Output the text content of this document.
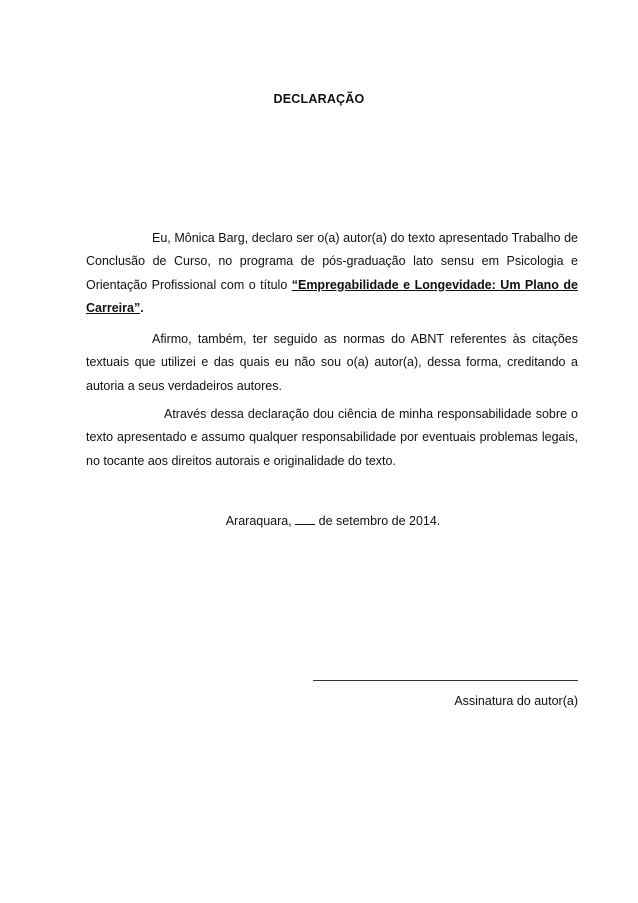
DECLARAÇÃO

Eu, Mônica Barg, declaro ser o(a) autor(a) do texto apresentado Trabalho de Conclusão de Curso, no programa de pós-graduação lato sensu em Psicologia e Orientação Profissional com o título “Empregabilidade e Longevidade: Um Plano de Carreira”.

Afirmo, também, ter seguido as normas do ABNT referentes às citações textuais que utilizei e das quais eu não sou o(a) autor(a), dessa forma, creditando a autoria a seus verdadeiros autores.

Através dessa declaração dou ciência de minha responsabilidade sobre o texto apresentado e assumo qualquer responsabilidade por eventuais problemas legais, no tocante aos direitos autorais e originalidade do texto.

Araraquara,  de setembro de 2014.
Assinatura do autor(a)
